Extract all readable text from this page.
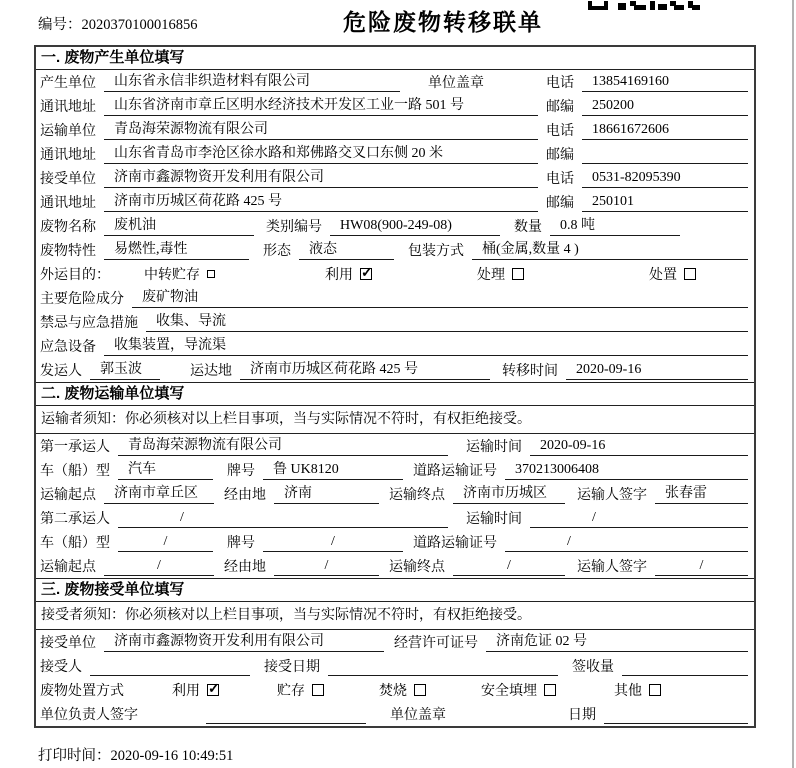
编号：2020370100016856	危险废物转移联单
一. 废物产生单位填写
产生单位	山东省永信非织造材料有限公司	单位盖章	电话	13854169160
通讯地址	山东省济南市章丘区明水经济技术开发区工业一路 501 号	邮编	250200
运输单位	青岛海荣源物流有限公司	电话	18661672606
通讯地址	山东省青岛市李沧区徐水路和郑佛路交叉口东侧 20 米	邮编
接受单位	济南市鑫源物资开发利用有限公司	电话	0531-82095390
通讯地址	济南市历城区荷花路 425 号	邮编	250101
废物名称	废机油	类别编号	HW08(900-249-08)	数量	0.8 吨
废物特性	易燃性,毒性	形态	液态	包装方式	桶(金属,数量 4 )
外运目的： 中转贮存	利用 ✓	处理	处置
主要危险成分	废矿物油
禁忌与应急措施	收集、导流
应急设备	收集装置，导流渠
发运人	郭玉波	运达地	济南市历城区荷花路 425 号	转移时间	2020-09-16
二. 废物运输单位填写
运输者须知：你必须核对以上栏目事项，当与实际情况不符时，有权拒绝接受。
第一承运人	青岛海荣源物流有限公司	运输时间	2020-09-16
车（船）型	汽车	牌号	鲁 UK8120	道路运输证号	370213006408
运输起点	济南市章丘区	经由地	济南	运输终点	济南市历城区	运输人签字	张春雷
第二承运人	/	运输时间	/
车（船）型	/	牌号	/	道路运输证号	/
运输起点	/	经由地	/	运输终点	/	运输人签字	/
三. 废物接受单位填写
接受者须知：你必须核对以上栏目事项，当与实际情况不符时，有权拒绝接受。
接受单位	济南市鑫源物资开发利用有限公司	经营许可证号	济南危证 02 号
接受人	接受日期	签收量
废物处置方式	利用 ✓	贮存	焚烧	安全填埋	其他
单位负责人签字	单位盖章	日期
打印时间：2020-09-16 10:49:51
